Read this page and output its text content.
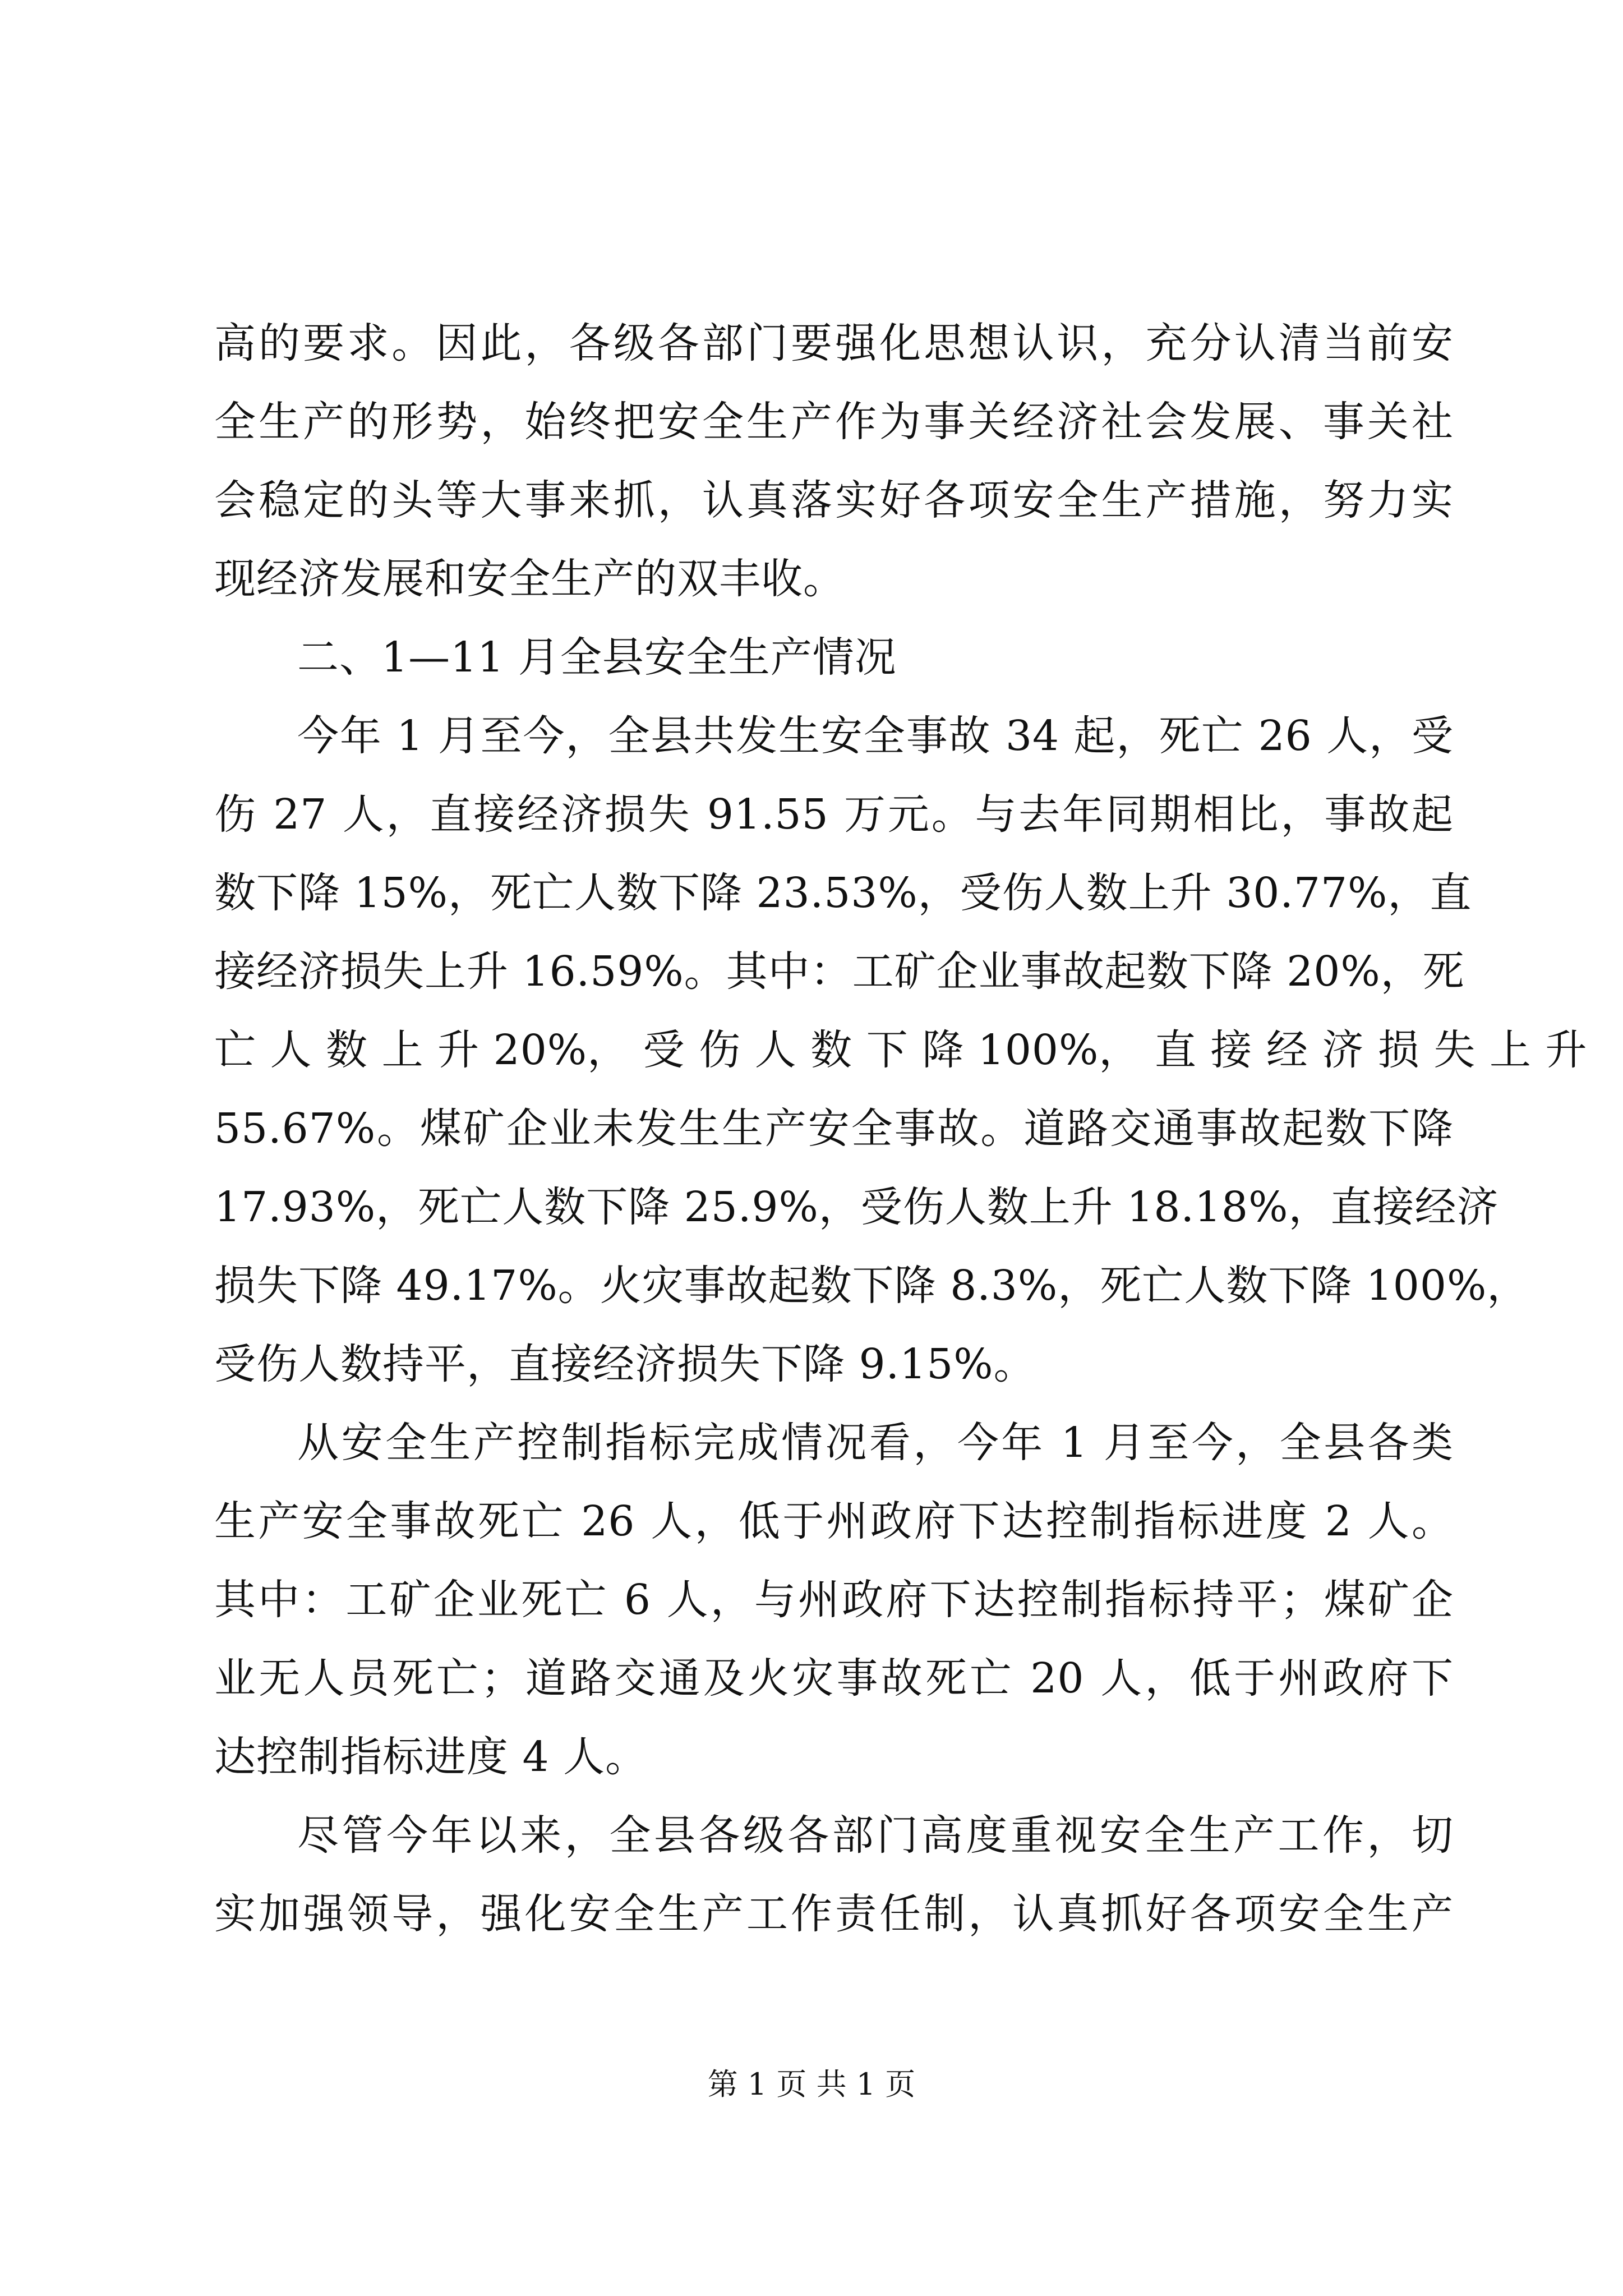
高的要求。因此，各级各部门要强化思想认识，充分认清当前安
全生产的形势，始终把安全生产作为事关经济社会发展、事关社
会稳定的头等大事来抓，认真落实好各项安全生产措施，努力实
现经济发展和安全生产的双丰收。
二、1—11 月全县安全生产情况
今年 1 月至今，全县共发生安全事故 34 起，死亡 26 人，受
伤 27 人，直接经济损失 91.55 万元。与去年同期相比，事故起
数下降 15%，死亡人数下降 23.53%，受伤人数上升 30.77%，直
接经济损失上升 16.59%。其中：工矿企业事故起数下降 20%，死
亡 人 数 上 升 20%， 受 伤 人 数 下 降 100%， 直 接 经 济 损 失 上 升
55.67%。煤矿企业未发生生产安全事故。道路交通事故起数下降
17.93%，死亡人数下降 25.9%，受伤人数上升 18.18%，直接经济
损失下降 49.17%。火灾事故起数下降 8.3%，死亡人数下降 100%，
受伤人数持平，直接经济损失下降 9.15%。
从安全生产控制指标完成情况看，今年 1 月至今，全县各类
生产安全事故死亡 26 人，低于州政府下达控制指标进度 2 人。
其中：工矿企业死亡 6 人，与州政府下达控制指标持平；煤矿企
业无人员死亡；道路交通及火灾事故死亡 20 人，低于州政府下
达控制指标进度 4 人。
尽管今年以来，全县各级各部门高度重视安全生产工作，切
实加强领导，强化安全生产工作责任制，认真抓好各项安全生产
第 1 页 共 1 页
